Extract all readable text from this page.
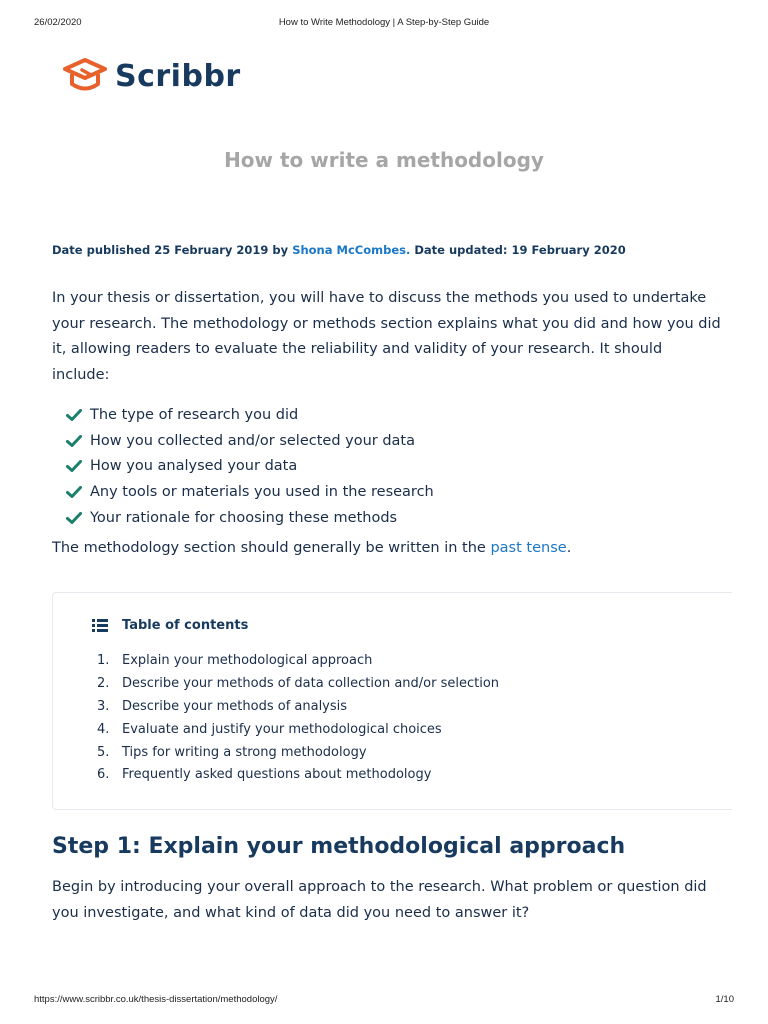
26/02/2020	How to Write Methodology | A Step-by-Step Guide
Scribbr
How to write a methodology
Date published 25 February 2019 by Shona McCombes. Date updated: 19 February 2020

In your thesis or dissertation, you will have to discuss the methods you used to undertake your research. The methodology or methods section explains what you did and how you did it, allowing readers to evaluate the reliability and validity of your research. It should include:

The type of research you did
How you collected and/or selected your data
How you analysed your data
Any tools or materials you used in the research
Your rationale for choosing these methods

The methodology section should generally be written in the past tense.

Table of contents
1. Explain your methodological approach
2. Describe your methods of data collection and/or selection
3. Describe your methods of analysis
4. Evaluate and justify your methodological choices
5. Tips for writing a strong methodology
6. Frequently asked questions about methodology
Step 1: Explain your methodological approach

Begin by introducing your overall approach to the research. What problem or question did you investigate, and what kind of data did you need to answer it?

https://www.scribbr.co.uk/thesis-dissertation/methodology/	1/10
